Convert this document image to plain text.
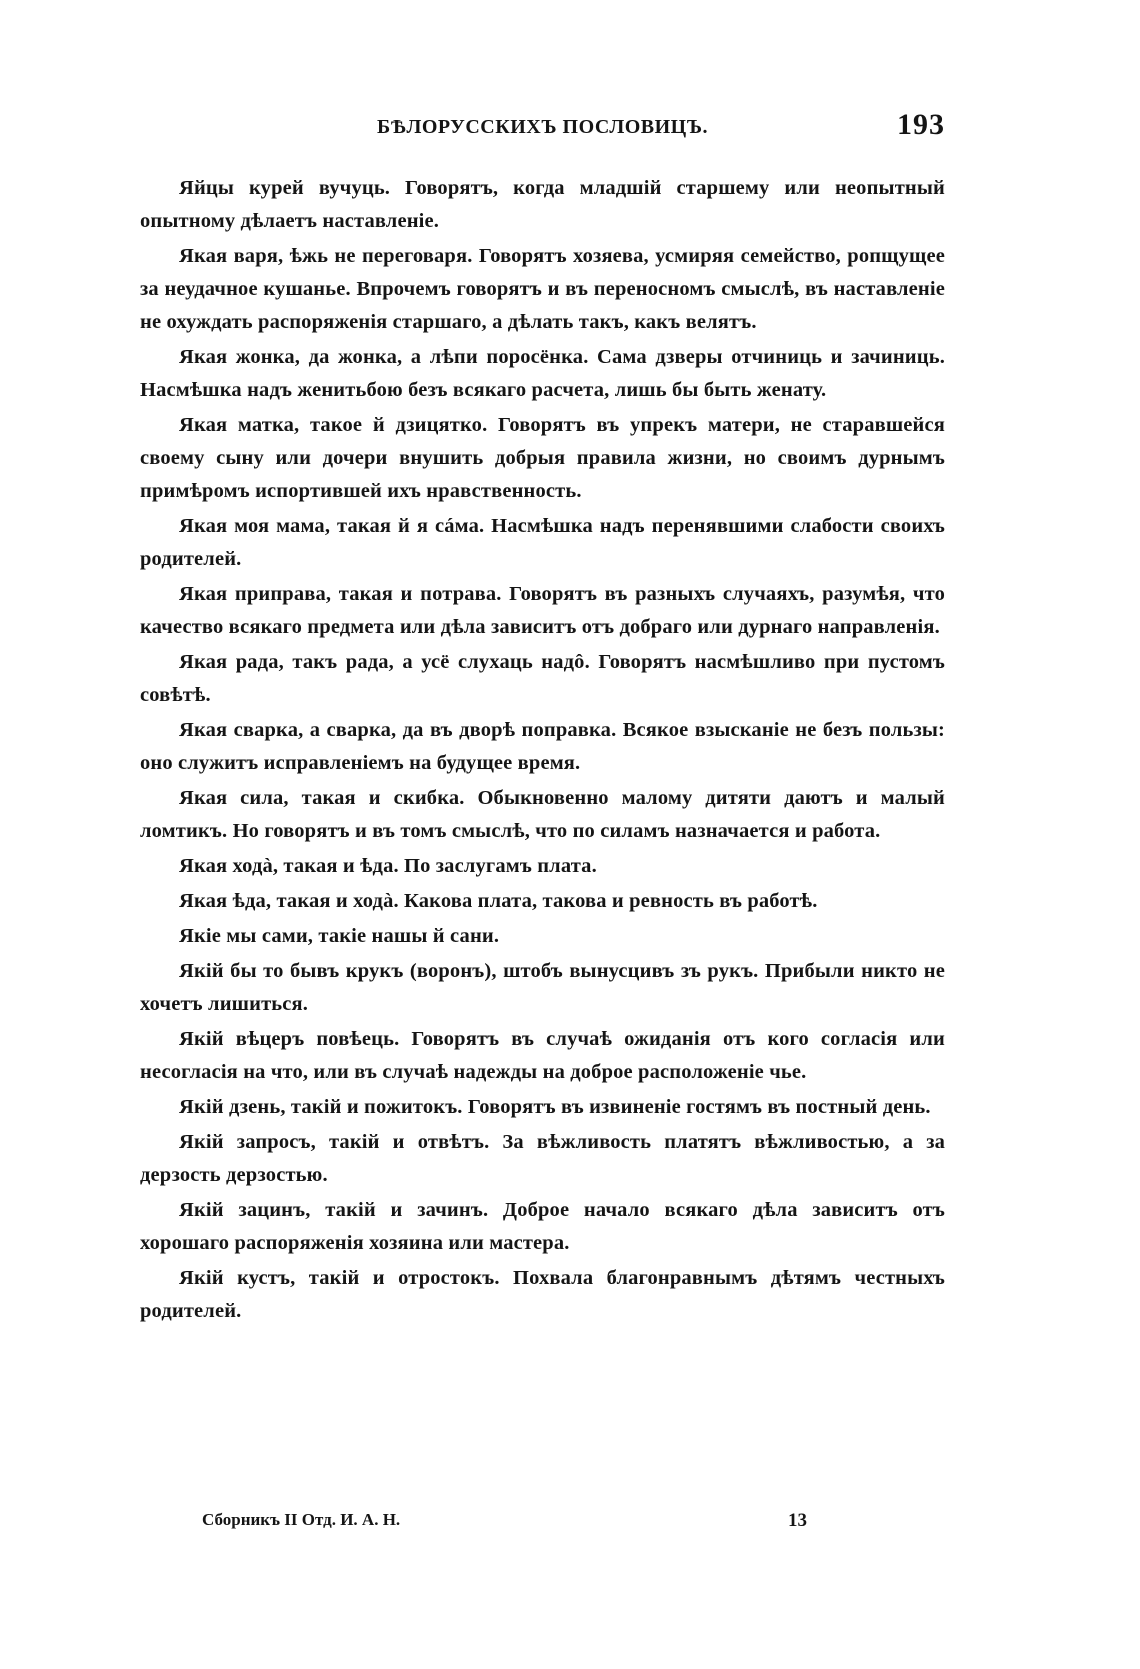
БѢЛОРУССКИХЪ ПОСЛОВИЦЪ.	193

Яйцы курей вучуць. Говорятъ, когда младшій старшему или неопытный опытному дѣлаетъ наставленіе.

Якая варя, ѣжь не переговаря. Говорятъ хозяева, усмиряя семейство, ропщущее за неудачное кушанье. Впрочемъ говорятъ и въ переносномъ смыслѣ, въ наставленіе не охуждать распоряженія старшаго, а дѣлать такъ, какъ велятъ.

Якая жонка, да жонка, а лѣпи поросёнка. Сама дзверы отчиниць и зачиниць. Насмѣшка надъ женитьбою безъ всякаго расчета, лишь бы быть женату.

Якая матка, такое й дзицятко. Говорятъ въ упрекъ матери, не старавшейся своему сыну или дочери внушить добрыя правила жизни, но своимъ дурнымъ примѣромъ испортившей ихъ нравственность.

Якая моя мама, такая й я сáма. Насмѣшка надъ перенявшими слабости своихъ родителей.

Якая приправа, такая и потрава. Говорятъ въ разныхъ случаяхъ, разумѣя, что качество всякаго предмета или дѣла зависитъ отъ добраго или дурнаго направленія.

Якая рада, такъ рада, а усё слухаць надô. Говорятъ насмѣшливо при пустомъ совѣтѣ.

Якая сварка, а сварка, да въ дворѣ поправка. Всякое взысканіе не безъ пользы: оно служитъ исправленіемъ на будущее время.

Якая сила, такая и скибка. Обыкновенно малому дитяти даютъ и малый ломтикъ. Но говорятъ и въ томъ смыслѣ, что по силамъ назначается и работа.

Якая ходà, такая и ѣда. По заслугамъ плата.

Якая ѣда, такая и ходà. Какова плата, такова и ревность въ работѣ.

Якіе мы сами, такіе нашы й сани.

Якій бы то бывъ крукъ (воронъ), штобъ вынусцивъ зъ рукъ. Прибыли никто не хочетъ лишиться.

Якій вѣцеръ повѣець. Говорятъ въ случаѣ ожиданія отъ кого согласія или несогласія на что, или въ случаѣ надежды на доброе расположеніе чье.

Якій дзень, такій и пожитокъ. Говорятъ въ извиненіе гостямъ въ постный день.

Якій запросъ, такій и отвѣтъ. За вѣжливость платятъ вѣжливостью, а за дерзость дерзостью.

Якій зацинъ, такій и зачинъ. Доброе начало всякаго дѣла зависитъ отъ хорошаго распоряженія хозяина или мастера.

Якій кустъ, такій и отростокъ. Похвала благонравнымъ дѣтямъ честныхъ родителей.

Сборникъ II Отд. И. А. Н.	13
